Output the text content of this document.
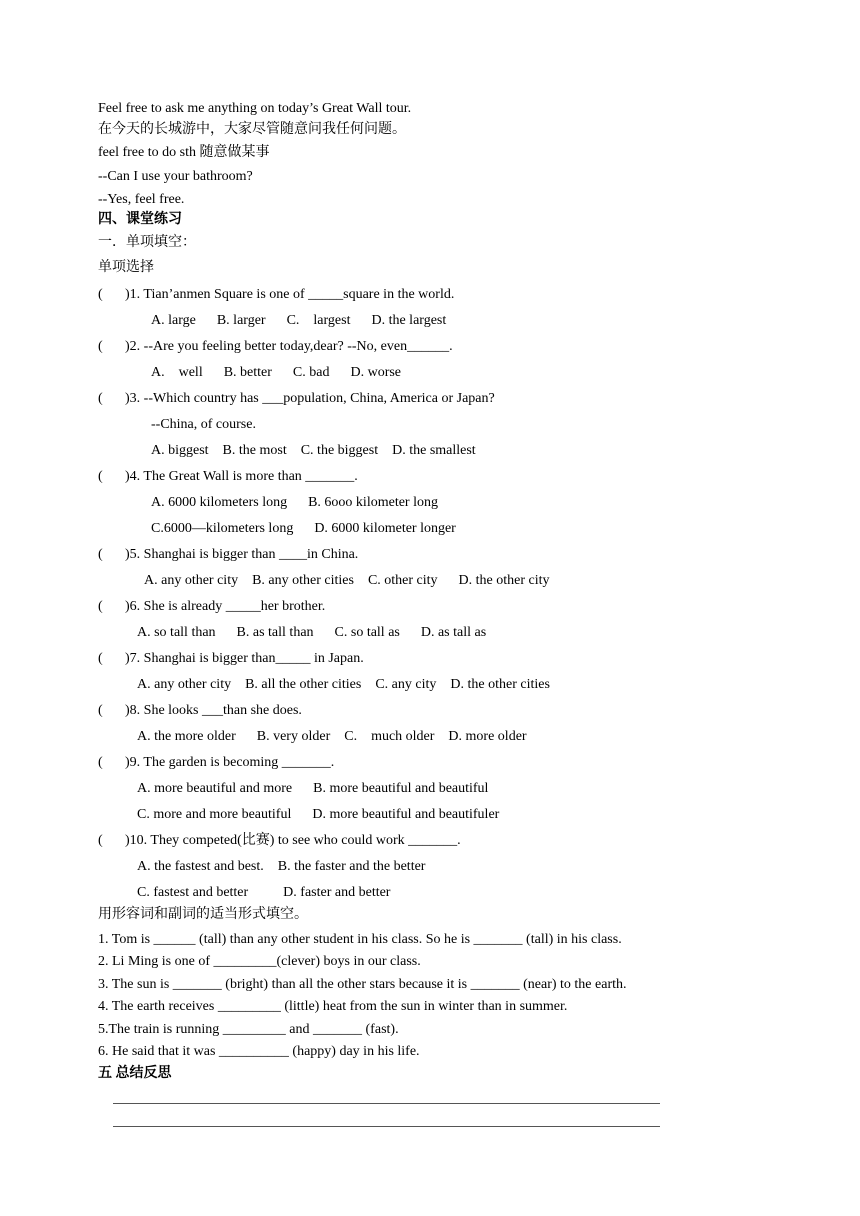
Feel free to ask me anything on today’s Great Wall tour.
在今天的长城游中，大家尽管随意问我任何问题。
feel free to do sth 随意做某事
--Can I use your bathroom?
--Yes, feel free.
四、课堂练习
一．单项填空：
单项选择
( )1. Tian’anmen Square is one of _____square in the world.
A. large      B. larger      C.    largest      D. the largest
( )2. --Are you feeling better today,dear? --No, even______.
A.    well      B. better      C. bad      D. worse
( )3. --Which country has ___population, China, America or Japan?
--China, of course.
A. biggest    B. the most    C. the biggest    D. the smallest
( )4. The Great Wall is more than _______.
A. 6000 kilometers long      B. 6ooo kilometer long
C.6000—kilometers long      D. 6000 kilometer longer
( )5. Shanghai is bigger than ____in China.
A. any other city    B. any other cities    C. other city      D. the other city
( )6. She is already _____her brother.
A. so tall than      B. as tall than      C. so tall as      D. as tall as
( )7. Shanghai is bigger than_____ in Japan.
A. any other city    B. all the other cities    C. any city    D. the other cities
( )8. She looks ___than she does.
A. the more older      B. very older    C.    much older    D. more older
( )9. The garden is becoming _______.
A. more beautiful and more      B. more beautiful and beautiful
C. more and more beautiful      D. more beautiful and beautifuler
( )10. They competed(比赛) to see who could work _______.
A. the fastest and best.    B. the faster and the better
C. fastest and better          D. faster and better
用形容词和副词的适当形式填空。
1. Tom is ______ (tall) than any other student in his class. So he is _______ (tall) in his class.
2. Li Ming is one of _________(clever) boys in our class.
3. The sun is _______ (bright) than all the other stars because it is _______ (near) to the earth.
4. The earth receives _________ (little) heat from the sun in winter than in summer.
5.The train is running _________ and _______ (fast).
6. He said that it was __________ (happy) day in his life.
五 总结反思
